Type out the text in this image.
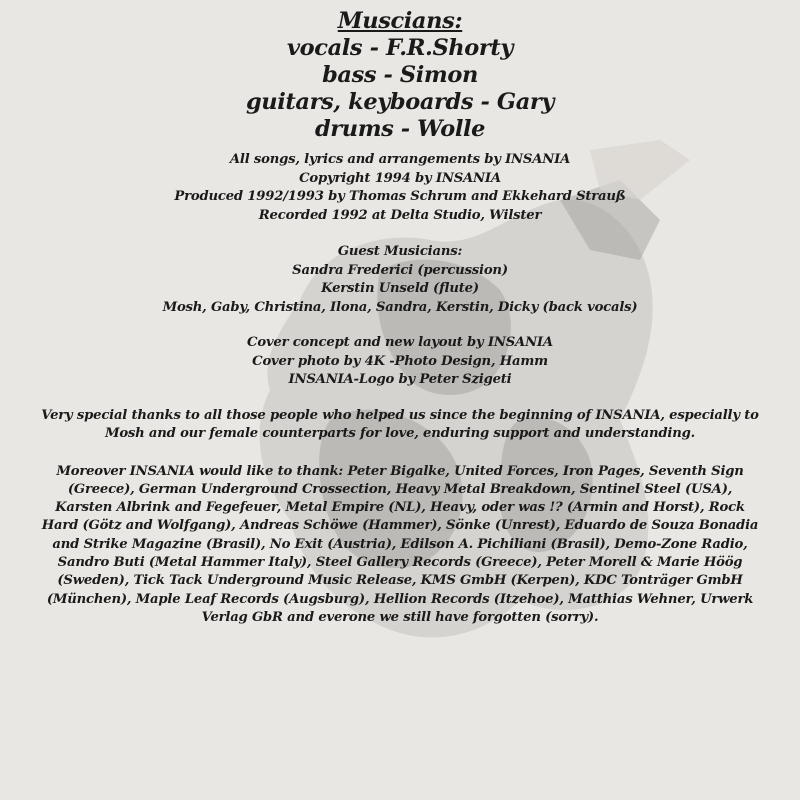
Muscians:
vocals - F.R.Shorty
bass - Simon
guitars, keyboards - Gary
drums - Wolle
All songs, lyrics and arrangements by INSANIA
Copyright 1994 by INSANIA
Produced 1992/1993 by Thomas Schrum and Ekkehard Strauß
Recorded 1992 at Delta Studio, Wilster
Guest Musicians:
Sandra Frederici (percussion)
Kerstin Unseld (flute)
Mosh, Gaby, Christina, Ilona, Sandra, Kerstin, Dicky (back vocals)
Cover concept and new layout by INSANIA
Cover photo by 4K -Photo Design, Hamm
INSANIA-Logo by Peter Szigeti
Very special thanks to all those people who helped us since the beginning of INSANIA, especially to Mosh and our female counterparts for love, enduring support and understanding.
Moreover INSANIA would like to thank: Peter Bigalke, United Forces, Iron Pages, Seventh Sign (Greece), German Underground Crossection, Heavy Metal Breakdown, Sentinel Steel (USA), Karsten Albrink and Fegefeuer, Metal Empire (NL), Heavy, oder was !? (Armin and Horst), Rock Hard (Götz and Wolfgang), Andreas Schöwe (Hammer), Sönke (Unrest), Eduardo de Souza Bonadia and Strike Magazine (Brasil), No Exit (Austria), Edilson A. Pichiliani (Brasil), Demo-Zone Radio, Sandro Buti (Metal Hammer Italy), Steel Gallery Records (Greece), Peter Morell & Marie Höög (Sweden), Tick Tack Underground Music Release, KMS GmbH (Kerpen), KDC Tonträger GmbH (München), Maple Leaf Records (Augsburg), Hellion Records (Itzehoe), Matthias Wehner, Urwerk Verlag GbR and everone we still have forgotten (sorry).
